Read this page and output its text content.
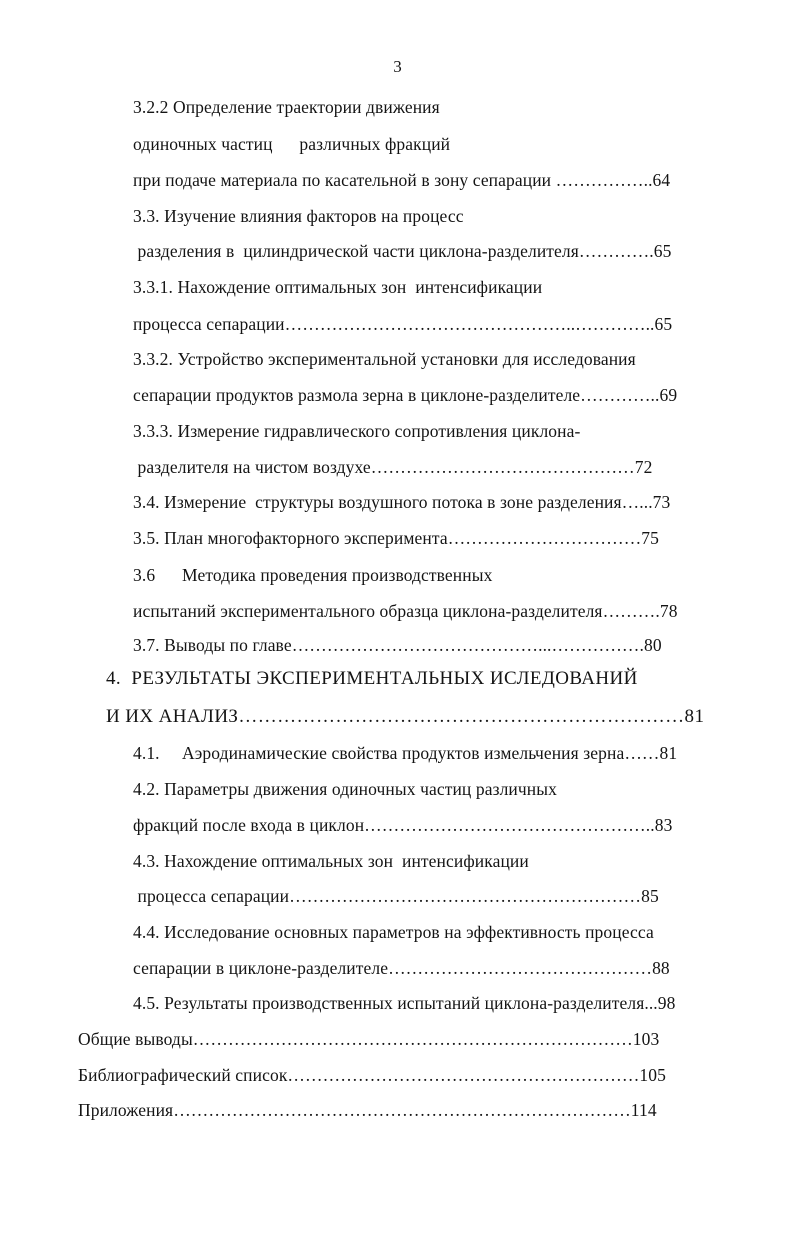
3
3.2.2 Определение траектории движения
одиночных частиц      различных фракций
при подаче материала по касательной в зону сепарации ……………..64
3.3. Изучение влияния факторов на процесс
разделения в  цилиндрической части циклона-разделителя………….65
3.3.1. Нахождение оптимальных зон  интенсификации
процесса сепарации…………………………………………..…………..65
3.3.2. Устройство экспериментальной установки для исследования
сепарации продуктов размола зерна в циклоне-разделителе…………..69
3.3.3. Измерение гидравлического сопротивления циклона-
разделителя на чистом воздухе………………………………………72
3.4. Измерение  структуры воздушного потока в зоне разделения…...73
3.5. План многофакторного эксперимента……………………………75
3.6      Методика проведения производственных
испытаний экспериментального образца циклона-разделителя……….78
3.7. Выводы по главе……………………………………...…………….80
4.  РЕЗУЛЬТАТЫ ЭКСПЕРИМЕНТАЛЬНЫХ ИСЛЕДОВАНИЙ
И ИХ АНАЛИЗ……………………………………………………………81
4.1.     Аэродинамические свойства продуктов измельчения зерна……81
4.2. Параметры движения одиночных частиц различных
фракций после входа в циклон…………………………………………..83
4.3. Нахождение оптимальных зон  интенсификации
процесса сепарации……………………………………………………85
4.4. Исследование основных параметров на эффективность процесса
сепарации в циклоне-разделителе………………………………………88
4.5. Результаты производственных испытаний циклона-разделителя...98
Общие выводы…………………………………………………………………103
Библиографический список……………………………………………………105
Приложения……………………………………………………………………114
